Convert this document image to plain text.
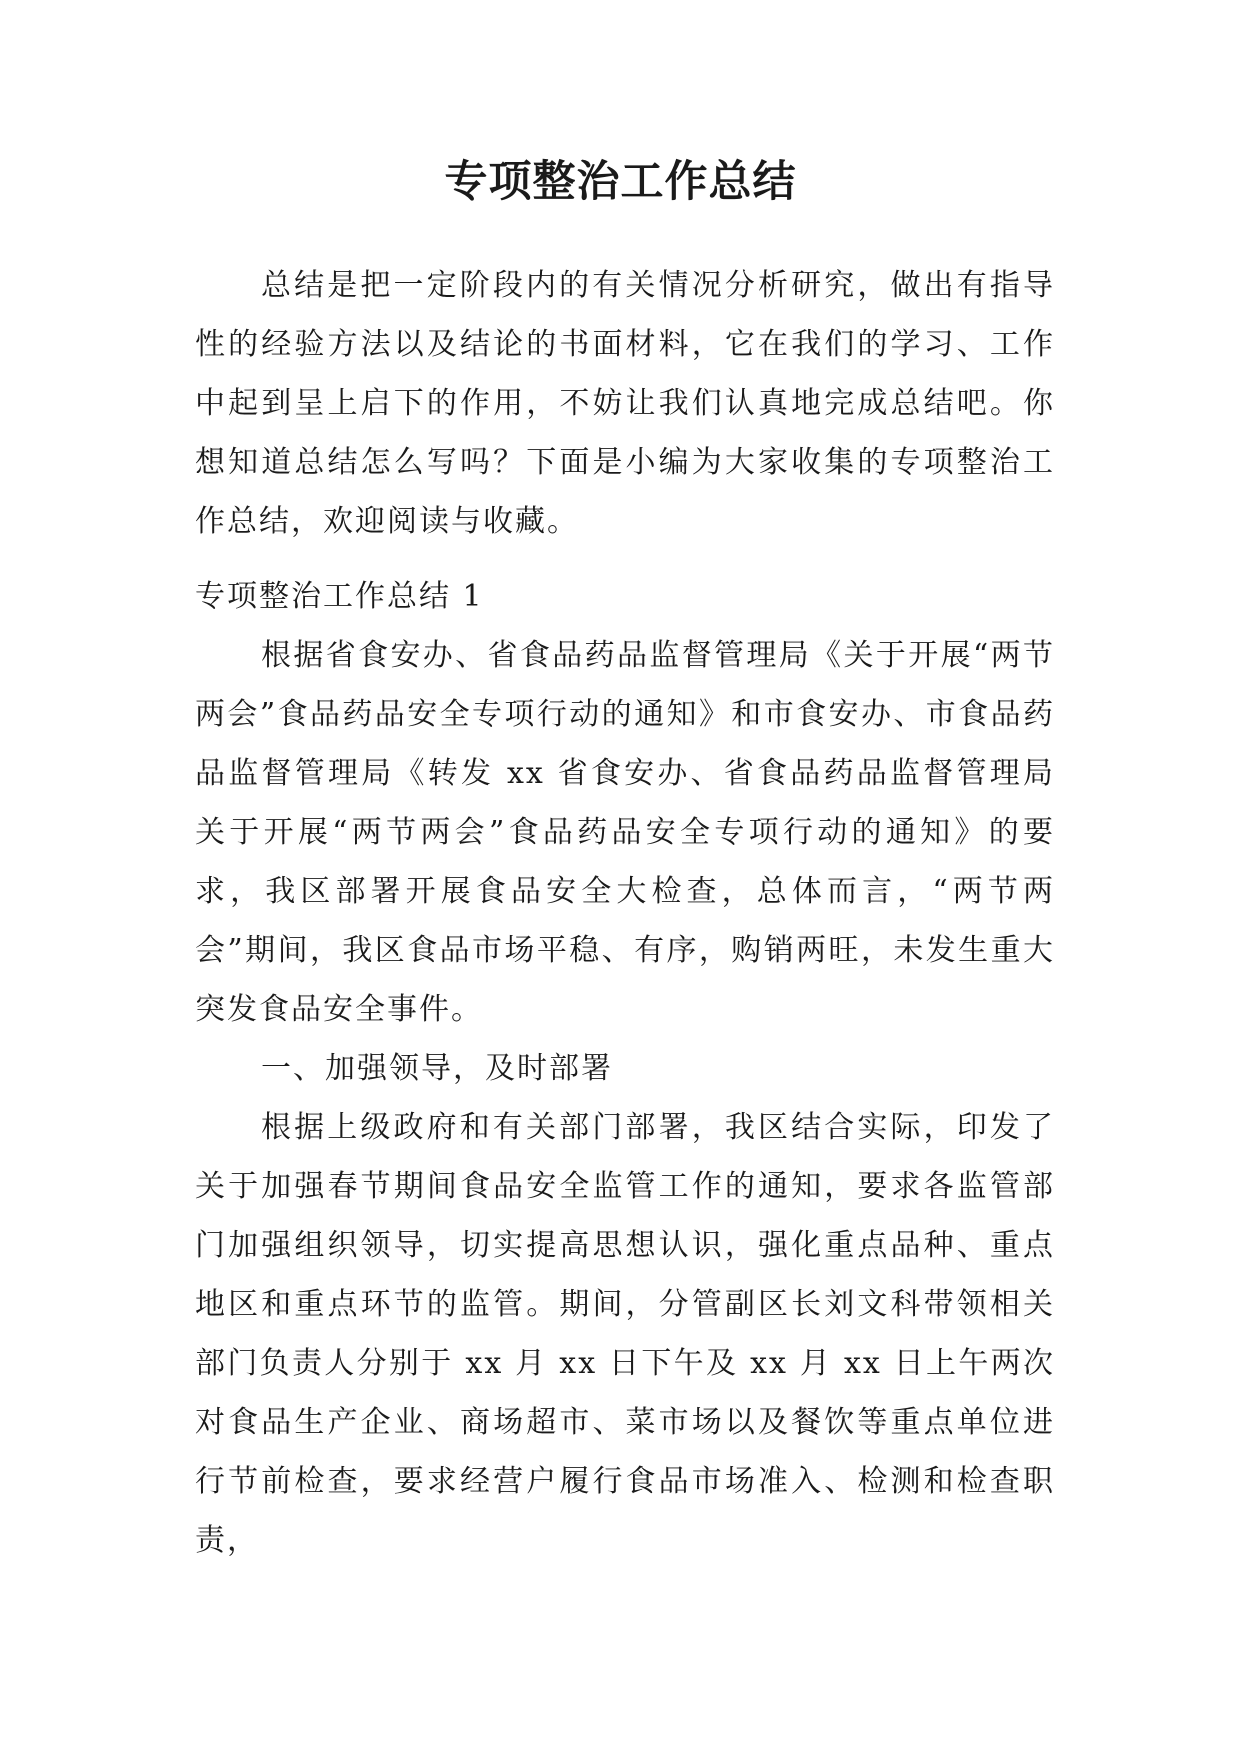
专项整治工作总结

总结是把一定阶段内的有关情况分析研究，做出有指导性的经验方法以及结论的书面材料，它在我们的学习、工作中起到呈上启下的作用，不妨让我们认真地完成总结吧。你想知道总结怎么写吗？下面是小编为大家收集的专项整治工作总结，欢迎阅读与收藏。

专项整治工作总结 1

根据省食安办、省食品药品监督管理局《关于开展“两节两会”食品药品安全专项行动的通知》和市食安办、市食品药品监督管理局《转发 xx 省食安办、省食品药品监督管理局关于开展“两节两会”食品药品安全专项行动的通知》的要求，我区部署开展食品安全大检查，总体而言，“两节两会”期间，我区食品市场平稳、有序，购销两旺，未发生重大突发食品安全事件。

一、加强领导，及时部署

根据上级政府和有关部门部署，我区结合实际，印发了关于加强春节期间食品安全监管工作的通知，要求各监管部门加强组织领导，切实提高思想认识，强化重点品种、重点地区和重点环节的监管。期间，分管副区长刘文科带领相关部门负责人分别于 xx 月 xx 日下午及 xx 月 xx 日上午两次对食品生产企业、商场超市、菜市场以及餐饮等重点单位进行节前检查，要求经营户履行食品市场准入、检测和检查职责，
